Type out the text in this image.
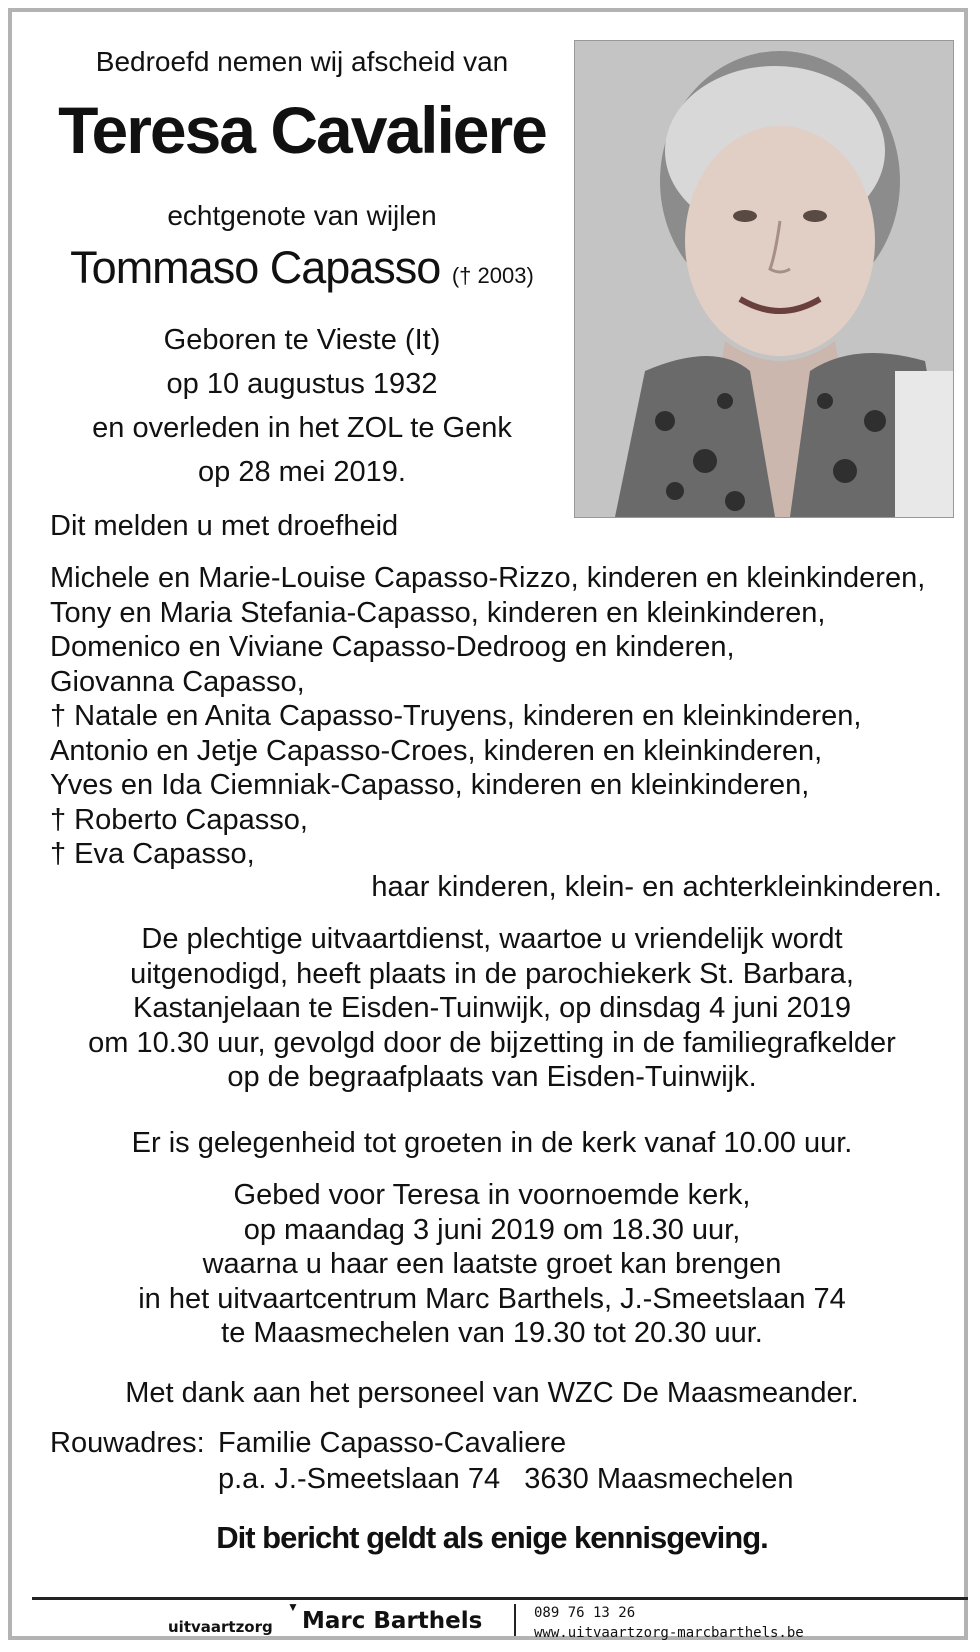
Bedroefd nemen wij afscheid van
Teresa Cavaliere
echtgenote van wijlen
Tommaso Capasso († 2003)
Geboren te Vieste (It)
op 10 augustus 1932
en overleden in het ZOL te Genk
op 28 mei 2019.
Dit melden u met droefheid
Michele en Marie-Louise Capasso-Rizzo, kinderen en kleinkinderen,
Tony en Maria Stefania-Capasso, kinderen en kleinkinderen,
Domenico en Viviane Capasso-Dedroog en kinderen,
Giovanna Capasso,
† Natale en Anita Capasso-Truyens, kinderen en kleinkinderen,
Antonio en Jetje Capasso-Croes, kinderen en kleinkinderen,
Yves en Ida Ciemniak-Capasso, kinderen en kleinkinderen,
† Roberto Capasso,
† Eva Capasso,
haar kinderen, klein- en achterkleinkinderen.
De plechtige uitvaartdienst, waartoe u vriendelijk wordt
uitgenodigd, heeft plaats in de parochiekerk St. Barbara,
Kastanjelaan te Eisden-Tuinwijk, op dinsdag 4 juni 2019
om 10.30 uur, gevolgd door de bijzetting in de familiegrafkelder
op de begraafplaats van Eisden-Tuinwijk.
Er is gelegenheid tot groeten in de kerk vanaf 10.00 uur.
Gebed voor Teresa in voornoemde kerk,
op maandag 3 juni 2019 om 18.30 uur,
waarna u haar een laatste groet kan brengen
in het uitvaartcentrum Marc Barthels, J.-Smeetslaan 74
te Maasmechelen van 19.30 tot 20.30 uur.
Met dank aan het personeel van WZC De Maasmeander.
Rouwadres: Familie Capasso-Cavaliere
p.a. J.-Smeetslaan 74   3630 Maasmechelen
Dit bericht geldt als enige kennisgeving.
uitvaartzorg
▼
Marc Barthels	089 76 13 26
www.uitvaartzorg-marcbarthels.be
